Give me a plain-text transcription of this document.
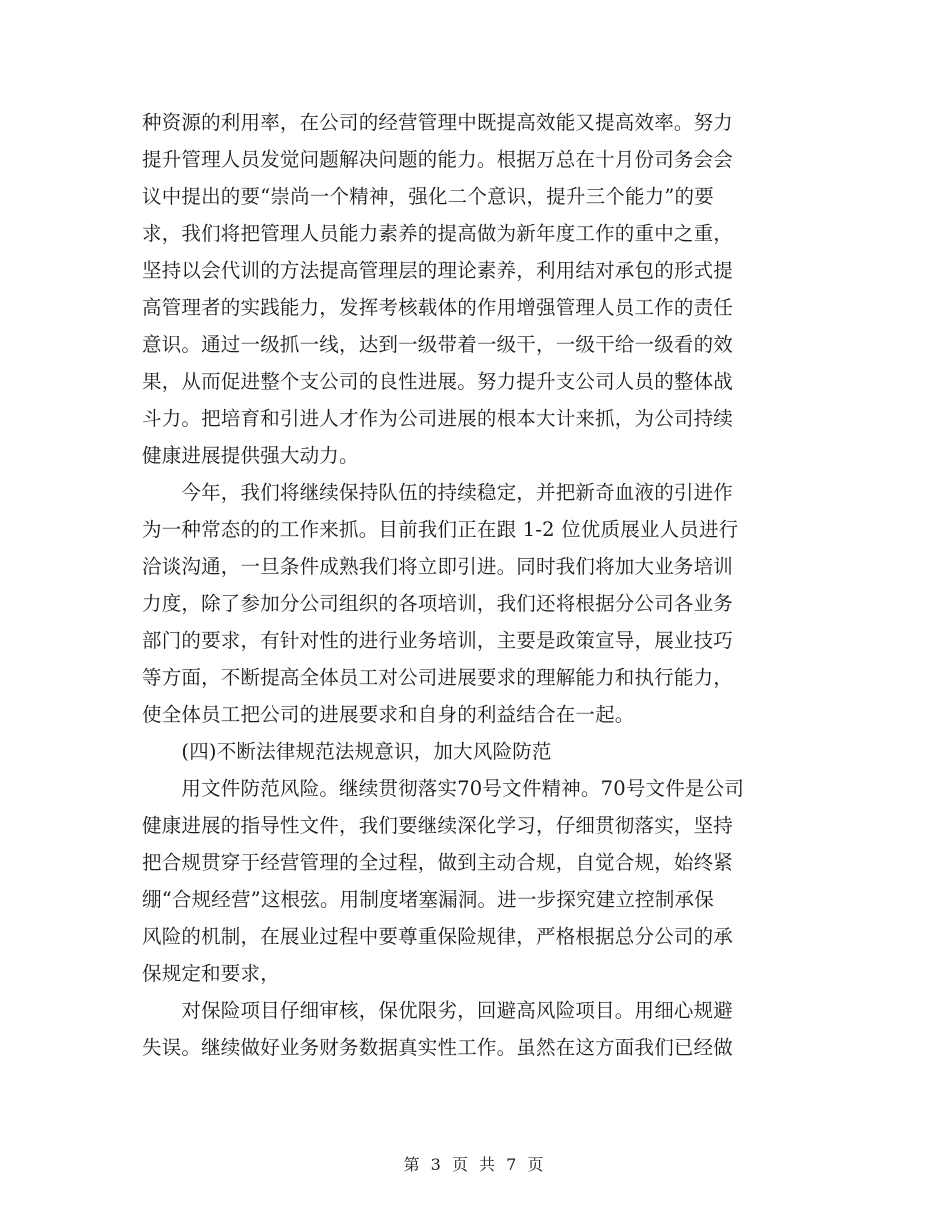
种资源的利用率，在公司的经营管理中既提高效能又提高效率。努力
提升管理人员发觉问题解决问题的能力。根据万总在十月份司务会会
议中提出的要“崇尚一个精神，强化二个意识，提升三个能力”的要
求，我们将把管理人员能力素养的提高做为新年度工作的重中之重，
坚持以会代训的方法提高管理层的理论素养，利用结对承包的形式提
高管理者的实践能力，发挥考核载体的作用增强管理人员工作的责任
意识。通过一级抓一线，达到一级带着一级干，一级干给一级看的效
果，从而促进整个支公司的良性进展。努力提升支公司人员的整体战
斗力。把培育和引进人才作为公司进展的根本大计来抓，为公司持续
健康进展提供强大动力。
　　今年，我们将继续保持队伍的持续稳定，并把新奇血液的引进作
为一种常态的的工作来抓。目前我们正在跟 1-2 位优质展业人员进行
洽谈沟通，一旦条件成熟我们将立即引进。同时我们将加大业务培训
力度，除了参加分公司组织的各项培训，我们还将根据分公司各业务
部门的要求，有针对性的进行业务培训，主要是政策宣导，展业技巧
等方面，不断提高全体员工对公司进展要求的理解能力和执行能力，
使全体员工把公司的进展要求和自身的利益结合在一起。
　　(四)不断法律规范法规意识，加大风险防范
　　用文件防范风险。继续贯彻落实70号文件精神。70号文件是公司
健康进展的指导性文件，我们要继续深化学习，仔细贯彻落实，坚持
把合规贯穿于经营管理的全过程，做到主动合规，自觉合规，始终紧
绷“合规经营”这根弦。用制度堵塞漏洞。进一步探究建立控制承保
风险的机制，在展业过程中要尊重保险规律，严格根据总分公司的承
保规定和要求，
　　对保险项目仔细审核，保优限劣，回避高风险项目。用细心规避
失误。继续做好业务财务数据真实性工作。虽然在这方面我们已经做
第 3 页 共 7 页
